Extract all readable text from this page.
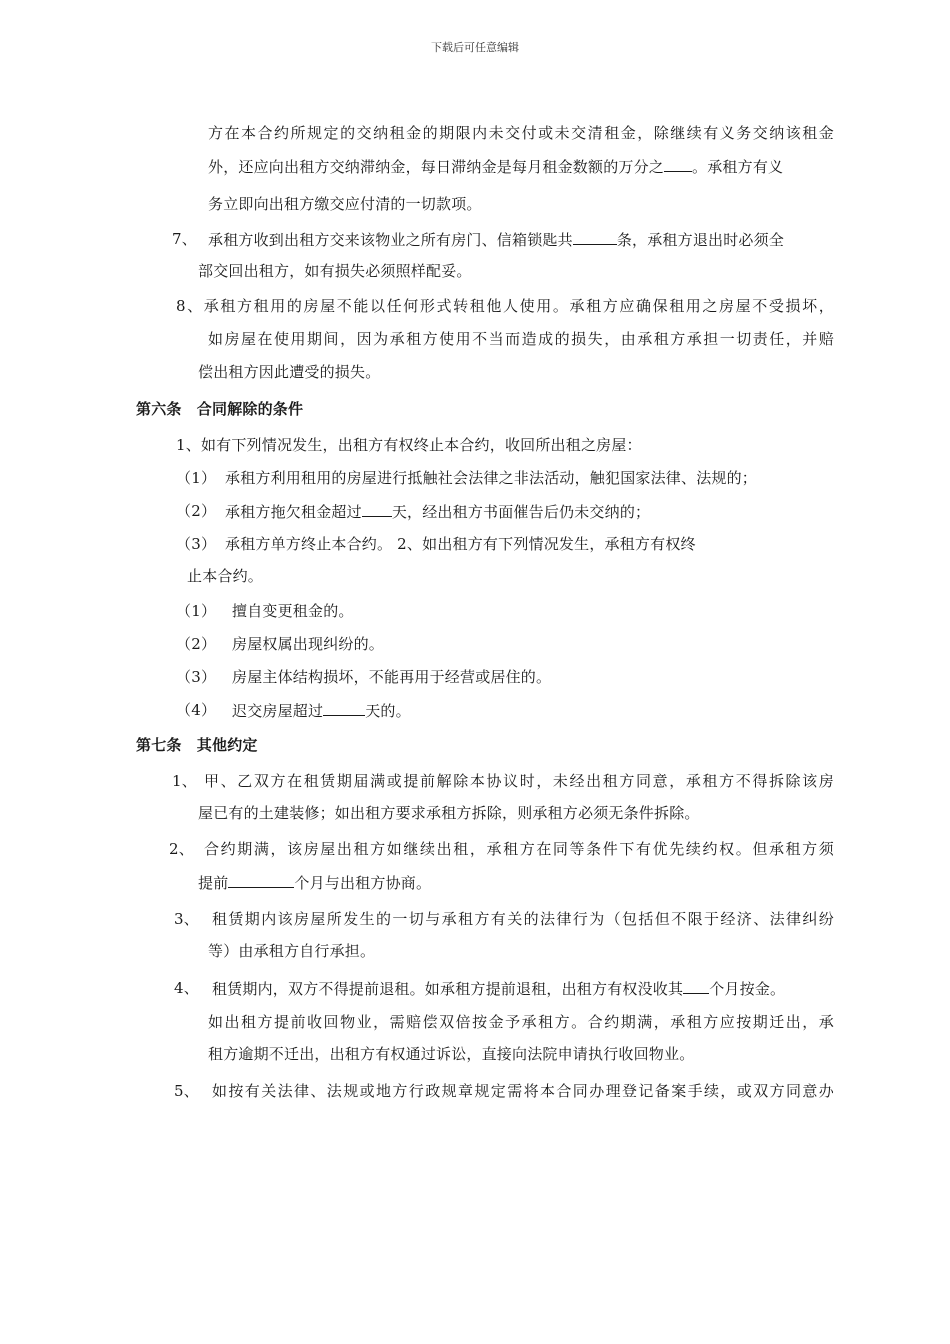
下载后可任意编辑
方在本合约所规定的交纳租金的期限内未交付或未交清租金，除继续有义务交纳该租金
外，还应向出租方交纳滞纳金，每日滞纳金是每月租金数额的万分之 。承租方有义
务立即向出租方缴交应付清的一切款项。
7、 承租方收到出租方交来该物业之所有房门、信箱锁匙共	条，承租方退出时必须全
部交回出租方，如有损失必须照样配妥。
8、承租方租用的房屋不能以任何形式转租他人使用。承租方应确保租用之房屋不受损坏，
如房屋在使用期间，因为承租方使用不当而造成的损失，由承租方承担一切责任，并赔
偿出租方因此遭受的损失。
第六条　合同解除的条件
1、如有下列情况发生，出租方有权终止本合约，收回所出租之房屋：
（1） 承租方利用租用的房屋进行抵触社会法律之非法活动，触犯国家法律、法规的；
（2） 承租方拖欠租金超过 天，经出租方书面催告后仍未交纳的；
（3） 承租方单方终止本合约。 2、如出租方有下列情况发生，承租方有权终
止本合约。
（1） 擅自变更租金的。
（2） 房屋权属出现纠纷的。
（3） 房屋主体结构损坏，不能再用于经营或居住的。
（4） 迟交房屋超过	天的。
第七条　其他约定
1、 甲、乙双方在租赁期届满或提前解除本协议时，未经出租方同意，承租方不得拆除该房
屋已有的土建装修；如出租方要求承租方拆除，则承租方必须无条件拆除。
2、 合约期满，该房屋出租方如继续出租，承租方在同等条件下有优先续约权。但承租方须
提前	个月与出租方协商。
3、 租赁期内该房屋所发生的一切与承租方有关的法律行为（包括但不限于经济、法律纠纷
等）由承租方自行承担。
4、 租赁期内，双方不得提前退租。如承租方提前退租，出租方有权没收其 个月按金。
如出租方提前收回物业，需赔偿双倍按金予承租方。合约期满，承租方应按期迁出，承
租方逾期不迁出，出租方有权通过诉讼，直接向法院申请执行收回物业。
5、 如按有关法律、法规或地方行政规章规定需将本合同办理登记备案手续，或双方同意办
